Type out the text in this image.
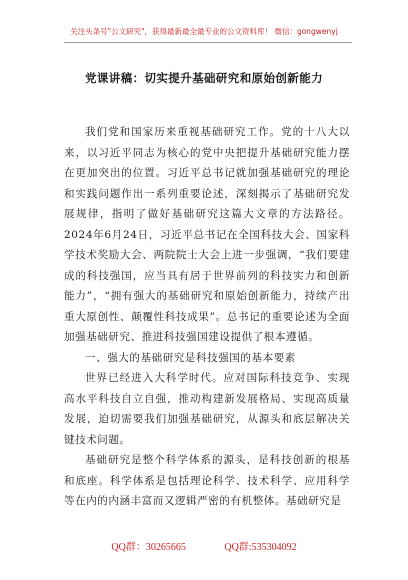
关注头条号"公文研究"，获得最新最全最专业的公文资料库！ 微信：gongwenyj
党课讲稿：切实提升基础研究和原始创新能力

我们党和国家历来重视基础研究工作。党的十八大以来，以习近平同志为核心的党中央把提升基础研究能力摆在更加突出的位置。习近平总书记就加强基础研究的理论和实践问题作出一系列重要论述，深刻揭示了基础研究发展规律，指明了做好基础研究这篇大文章的方法路径。2024年6月24日，习近平总书记在全国科技大会、国家科学技术奖励大会、两院院士大会上进一步强调，“我们要建成的科技强国，应当具有居于世界前列的科技实力和创新能力”，“拥有强大的基础研究和原始创新能力，持续产出重大原创性、颠覆性科技成果”。总书记的重要论述为全面加强基础研究、推进科技强国建设提供了根本遵循。

一、强大的基础研究是科技强国的基本要素

世界已经进入大科学时代。应对国际科技竞争、实现高水平科技自立自强，推动构建新发展格局、实现高质量发展，迫切需要我们加强基础研究，从源头和底层解决关键技术问题。

基础研究是整个科学体系的源头，是科技创新的根基和底座。科学体系是包括理论科学、技术科学、应用科学等在内的内涵丰富而又逻辑严密的有机整体。基础研究是

QQ群：30265665	QQ群:535304092
